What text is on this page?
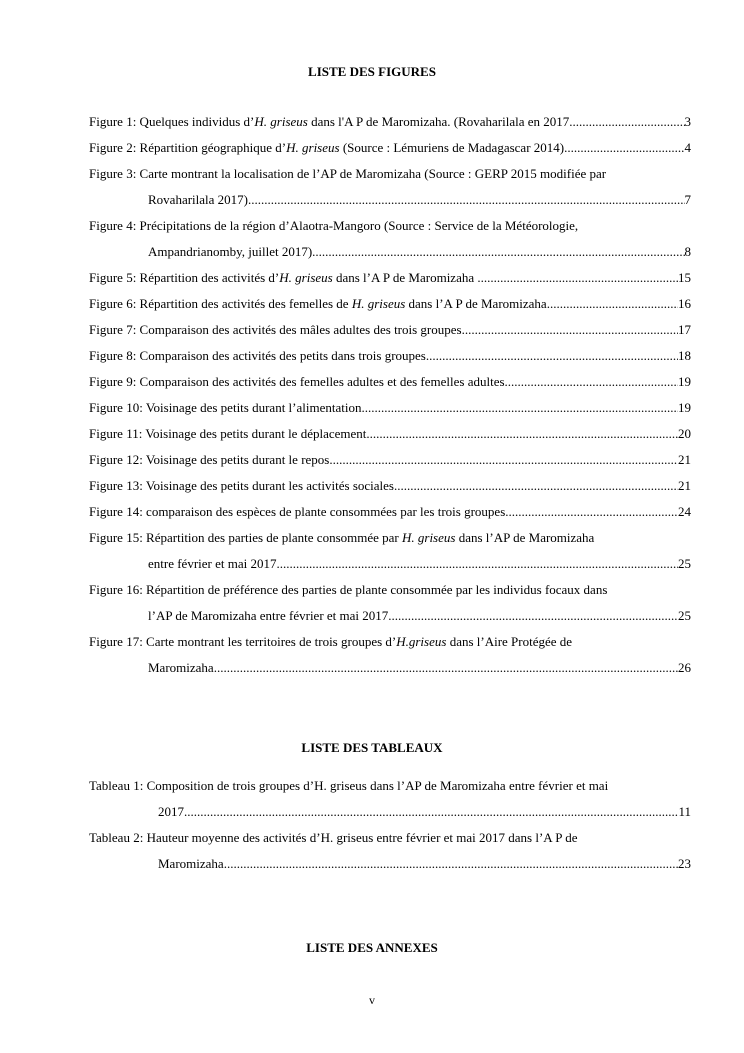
LISTE DES FIGURES
Figure 1: Quelques individus d’H. griseus dans l'A P de Maromizaha. (Rovaharilala en 2017 .....	3
Figure 2: Répartition géographique d’H. griseus (Source : Lémuriens de Madagascar 2014) .....	4
Figure 3: Carte montrant la localisation de l’AP de Maromizaha (Source : GERP 2015 modifiée par
Rovaharilala 2017) .....	7
Figure 4: Précipitations de la région d’Alaotra-Mangoro (Source : Service de la Météorologie,
Ampandrianomby, juillet 2017). .....	8
Figure 5: Répartition des activités d’H. griseus dans l’A P de Maromizaha . .....	15
Figure 6: Répartition des activités des femelles de H. griseus dans l’A P de Maromizaha .....	16
Figure 7: Comparaison des activités des mâles adultes des trois groupes .....	17
Figure 8: Comparaison des activités des petits dans trois groupes .....	18
Figure 9: Comparaison des activités des femelles adultes et des femelles adultes .....	19
Figure 10: Voisinage des petits durant l’alimentation .....	19
Figure 11: Voisinage des petits durant le déplacement .....	20
Figure 12: Voisinage des petits durant le repos .....	21
Figure 13: Voisinage des petits durant les activités sociales .....	21
Figure 14: comparaison des espèces de plante consommées par les trois groupes .....	24
Figure 15: Répartition des parties de plante consommée par H. griseus dans l’AP de Maromizaha
entre février et mai 2017. .....	25
Figure 16: Répartition de préférence des parties de plante consommée par les individus focaux dans
l’AP de Maromizaha entre février et mai 2017. .....	25
Figure 17: Carte montrant les territoires de trois groupes d’H.griseus dans l’Aire Protégée de
Maromizaha .....	26
LISTE DES TABLEAUX
Tableau 1: Composition de trois groupes d’H. griseus dans l’AP de Maromizaha entre février et mai
2017 .....	11
Tableau 2: Hauteur moyenne des activités d’H. griseus entre février et mai 2017 dans l’A P de
Maromizaha. .....	23
LISTE DES ANNEXES
v
